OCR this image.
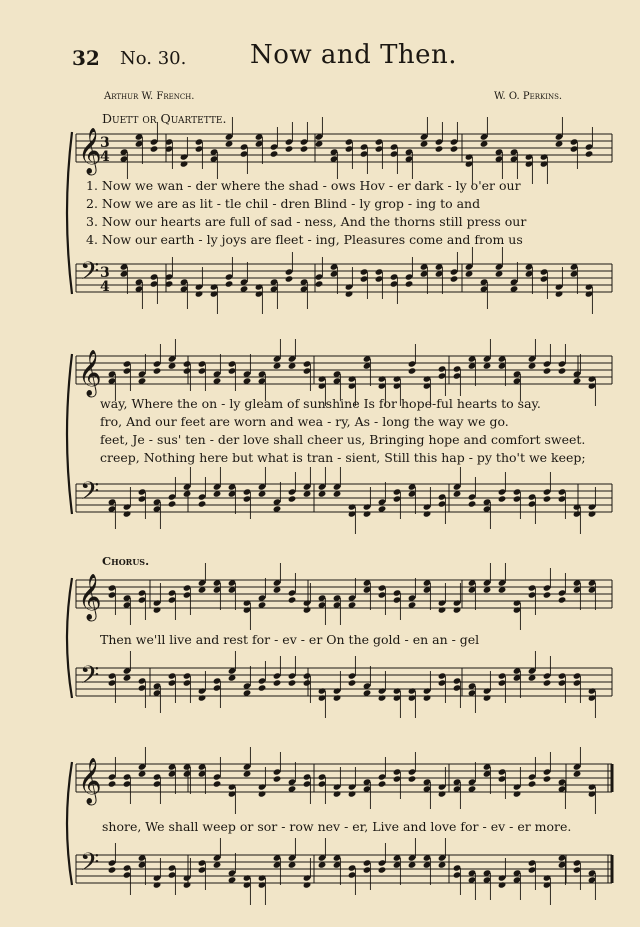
32 No. 30. Now and Then.
Arthur W. French.	W. O. Perkins.
Duett or Quartette.
Chorus.
𝄞
𝄢
3
4
3
4
𝄞
𝄢
𝄞
𝄢
𝄞
𝄢
1. Now we wan - der where the shad - ows Hov - er dark - ly o'er our
2. Now we are as lit - tle chil - dren Blind - ly grop - ing to and
3. Now our hearts are full of sad - ness, And the thorns still press our
4. Now our earth - ly joys are fleet - ing, Pleasures come and from us
way, Where the on - ly gleam of sunshine Is for hope-ful hearts to say.
fro, And our feet are worn and wea - ry, As - long the way we go.
feet, Je - sus' ten - der love shall cheer us, Bringing hope and comfort sweet.
creep, Nothing here but what is tran - sient, Still this hap - py tho't we keep;
Then we'll live and rest for - ev - er On the gold - en an - gel
shore, We shall weep or sor - row nev - er, Live and love for - ev - er more.
